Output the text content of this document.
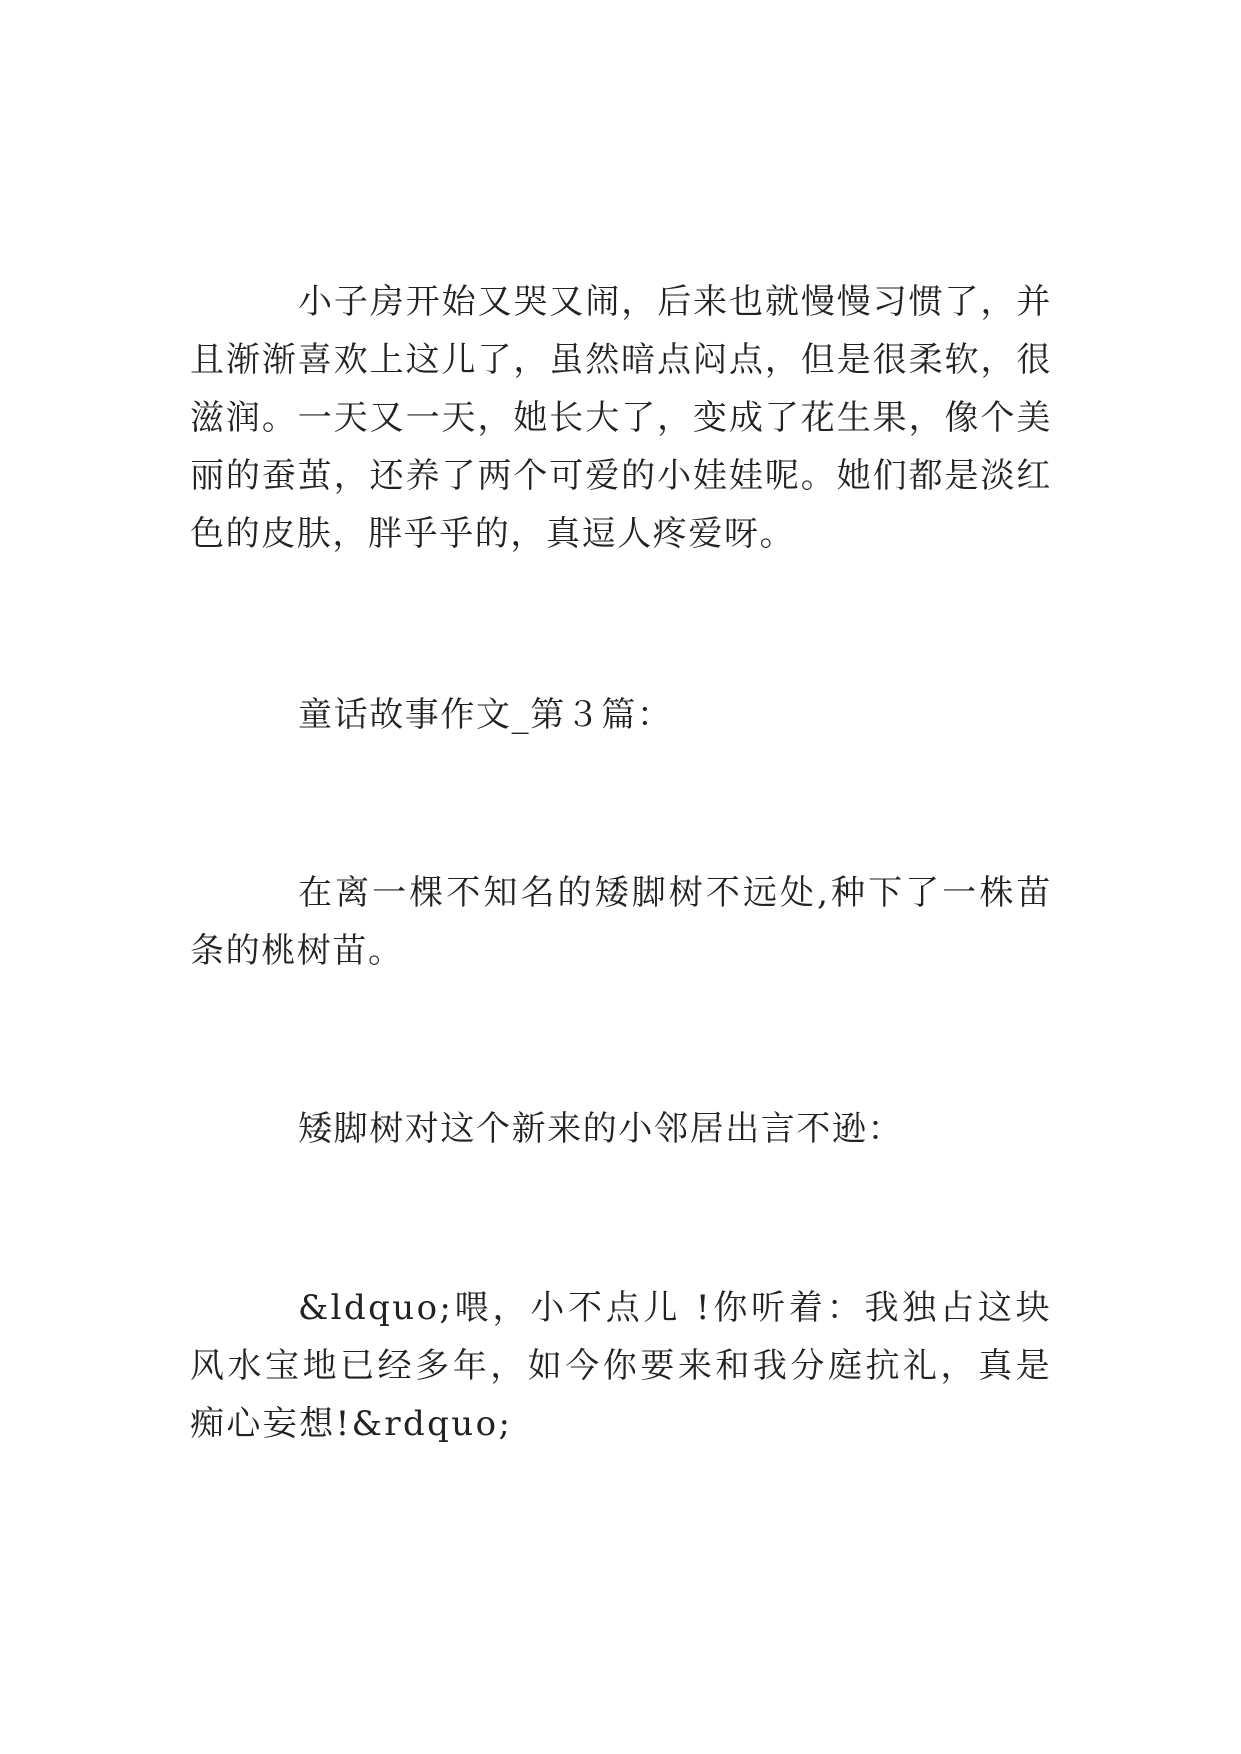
小子房开始又哭又闹，后来也就慢慢习惯了，并且渐渐喜欢上这儿了，虽然暗点闷点，但是很柔软，很滋润。一天又一天，她长大了，变成了花生果，像个美丽的蚕茧，还养了两个可爱的小娃娃呢。她们都是淡红色的皮肤，胖乎乎的，真逗人疼爱呀。

童话故事作文_第３篇：

在离一棵不知名的矮脚树不远处,种下了一株苗条的桃树苗。

矮脚树对这个新来的小邻居出言不逊：

&ldquo;喂，小不点儿 !你听着：我独占这块风水宝地已经多年，如今你要来和我分庭抗礼，真是痴心妄想!&rdquo;
